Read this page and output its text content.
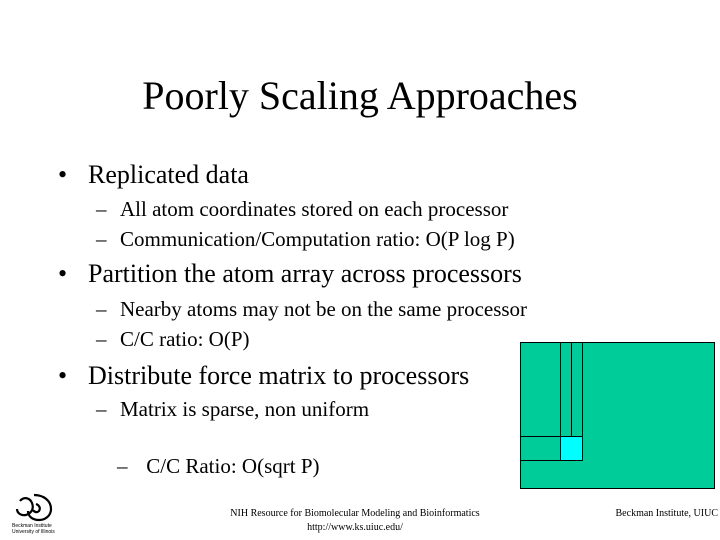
Poorly Scaling Approaches
• Replicated data
– All atom coordinates stored on each processor
– Communication/Computation ratio: O(P log P)
• Partition the atom array across processors
– Nearby atoms may not be on the same processor
– C/C ratio: O(P)
• Distribute force matrix to processors
– Matrix is sparse, non uniform

– C/C Ratio: O(sqrt P)

Beckman Institute
University of Illinois
NIH Resource for Biomolecular Modeling and Bioinformatics
http://www.ks.uiuc.edu/
Beckman Institute, UIUC
